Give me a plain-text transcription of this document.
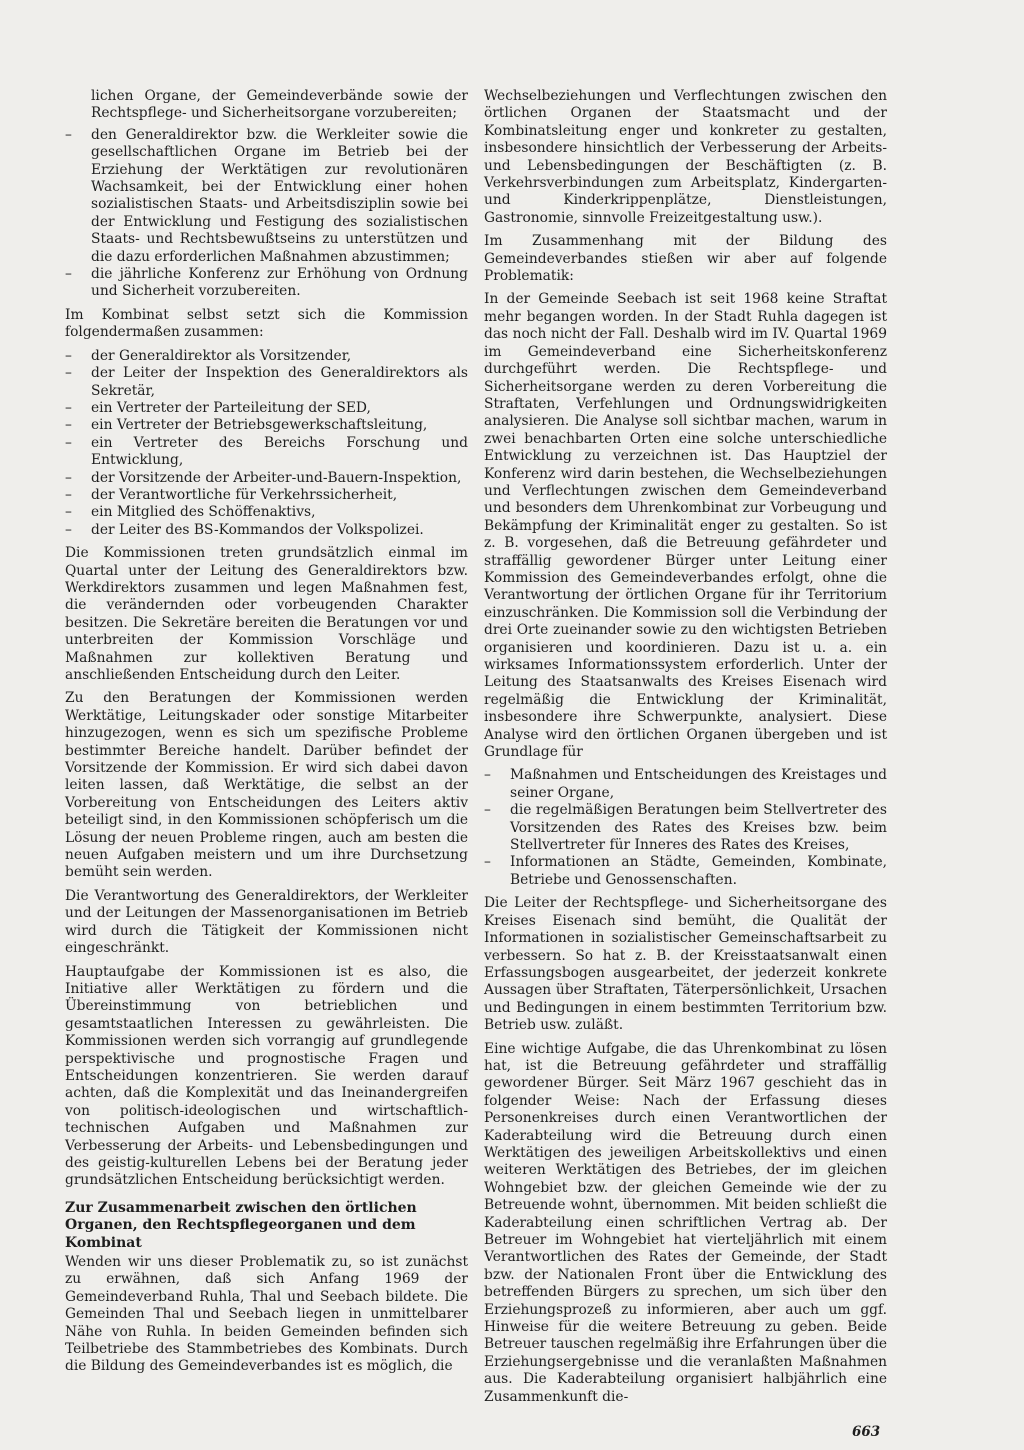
lichen Organe, der Gemeindeverbände sowie der Rechtspflege- und Sicherheitsorgane vorzubereiten;

–	den Generaldirektor bzw. die Werkleiter sowie die gesellschaftlichen Organe im Betrieb bei der Erziehung der Werktätigen zur revolutionären Wachsamkeit, bei der Entwicklung einer hohen sozialistischen Staats- und Arbeitsdisziplin sowie bei der Entwicklung und Festigung des sozialistischen Staats- und Rechtsbewußtseins zu unterstützen und die dazu erforderlichen Maßnahmen abzustimmen;
–	die jährliche Konferenz zur Erhöhung von Ordnung und Sicherheit vorzubereiten.

Im Kombinat selbst setzt sich die Kommission folgendermaßen zusammen:

–	der Generaldirektor als Vorsitzender,
–	der Leiter der Inspektion des Generaldirektors als Sekretär,
–	ein Vertreter der Parteileitung der SED,
–	ein Vertreter der Betriebsgewerkschaftsleitung,
–	ein Vertreter des Bereichs Forschung und Entwicklung,
–	der Vorsitzende der Arbeiter-und-Bauern-Inspektion,
–	der Verantwortliche für Verkehrssicherheit,
–	ein Mitglied des Schöffenaktivs,
–	der Leiter des BS-Kommandos der Volkspolizei.

Die Kommissionen treten grundsätzlich einmal im Quartal unter der Leitung des Generaldirektors bzw. Werkdirektors zusammen und legen Maßnahmen fest, die verändernden oder vorbeugenden Charakter besitzen. Die Sekretäre bereiten die Beratungen vor und unterbreiten der Kommission Vorschläge und Maßnahmen zur kollektiven Beratung und anschließenden Entscheidung durch den Leiter.

Zu den Beratungen der Kommissionen werden Werktätige, Leitungskader oder sonstige Mitarbeiter hinzugezogen, wenn es sich um spezifische Probleme bestimmter Bereiche handelt. Darüber befindet der Vorsitzende der Kommission. Er wird sich dabei davon leiten lassen, daß Werktätige, die selbst an der Vorbereitung von Entscheidungen des Leiters aktiv beteiligt sind, in den Kommissionen schöpferisch um die Lösung der neuen Probleme ringen, auch am besten die neuen Aufgaben meistern und um ihre Durchsetzung bemüht sein werden.

Die Verantwortung des Generaldirektors, der Werkleiter und der Leitungen der Massenorganisationen im Betrieb wird durch die Tätigkeit der Kommissionen nicht eingeschränkt.

Hauptaufgabe der Kommissionen ist es also, die Initiative aller Werktätigen zu fördern und die Übereinstimmung von betrieblichen und gesamtstaatlichen Interessen zu gewährleisten. Die Kommissionen werden sich vorrangig auf grundlegende perspektivische und prognostische Fragen und Entscheidungen konzentrieren. Sie werden darauf achten, daß die Komplexität und das Ineinandergreifen von politisch-ideologischen und wirtschaftlich-technischen Aufgaben und Maßnahmen zur Verbesserung der Arbeits- und Lebensbedingungen und des geistig-kulturellen Lebens bei der Beratung jeder grundsätzlichen Entscheidung berücksichtigt werden.

Zur Zusammenarbeit zwischen den örtlichen Organen, den Rechtspflegeorganen und dem Kombinat

Wenden wir uns dieser Problematik zu, so ist zunächst zu erwähnen, daß sich Anfang 1969 der Gemeindeverband Ruhla, Thal und Seebach bildete. Die Gemeinden Thal und Seebach liegen in unmittelbarer Nähe von Ruhla. In beiden Gemeinden befinden sich Teilbetriebe des Stammbetriebes des Kombinats. Durch die Bildung des Gemeindeverbandes ist es möglich, die

Wechselbeziehungen und Verflechtungen zwischen den örtlichen Organen der Staatsmacht und der Kombinatsleitung enger und konkreter zu gestalten, insbesondere hinsichtlich der Verbesserung der Arbeits- und Lebensbedingungen der Beschäftigten (z. B. Verkehrsverbindungen zum Arbeitsplatz, Kindergarten- und Kinderkrippenplätze, Dienstleistungen, Gastronomie, sinnvolle Freizeitgestaltung usw.).

Im Zusammenhang mit der Bildung des Gemeindeverbandes stießen wir aber auf folgende Problematik:

In der Gemeinde Seebach ist seit 1968 keine Straftat mehr begangen worden. In der Stadt Ruhla dagegen ist das noch nicht der Fall. Deshalb wird im IV. Quartal 1969 im Gemeindeverband eine Sicherheitskonferenz durchgeführt werden. Die Rechtspflege- und Sicherheitsorgane werden zu deren Vorbereitung die Straftaten, Verfehlungen und Ordnungswidrigkeiten analysieren. Die Analyse soll sichtbar machen, warum in zwei benachbarten Orten eine solche unterschiedliche Entwicklung zu verzeichnen ist. Das Hauptziel der Konferenz wird darin bestehen, die Wechselbeziehungen und Verflechtungen zwischen dem Gemeindeverband und besonders dem Uhrenkombinat zur Vorbeugung und Bekämpfung der Kriminalität enger zu gestalten. So ist z. B. vorgesehen, daß die Betreuung gefährdeter und straffällig gewordener Bürger unter Leitung einer Kommission des Gemeindeverbandes erfolgt, ohne die Verantwortung der örtlichen Organe für ihr Territorium einzuschränken. Die Kommission soll die Verbindung der drei Orte zueinander sowie zu den wichtigsten Betrieben organisieren und koordinieren. Dazu ist u. a. ein wirksames Informationssystem erforderlich. Unter der Leitung des Staatsanwalts des Kreises Eisenach wird regelmäßig die Entwicklung der Kriminalität, insbesondere ihre Schwerpunkte, analysiert. Diese Analyse wird den örtlichen Organen übergeben und ist Grundlage für

–	Maßnahmen und Entscheidungen des Kreistages und seiner Organe,
–	die regelmäßigen Beratungen beim Stellvertreter des Vorsitzenden des Rates des Kreises bzw. beim Stellvertreter für Inneres des Rates des Kreises,
–	Informationen an Städte, Gemeinden, Kombinate, Betriebe und Genossenschaften.

Die Leiter der Rechtspflege- und Sicherheitsorgane des Kreises Eisenach sind bemüht, die Qualität der Informationen in sozialistischer Gemeinschaftsarbeit zu verbessern. So hat z. B. der Kreisstaatsanwalt einen Erfassungsbogen ausgearbeitet, der jederzeit konkrete Aussagen über Straftaten, Täterpersönlichkeit, Ursachen und Bedingungen in einem bestimmten Territorium bzw. Betrieb usw. zuläßt.

Eine wichtige Aufgabe, die das Uhrenkombinat zu lösen hat, ist die Betreuung gefährdeter und straffällig gewordener Bürger. Seit März 1967 geschieht das in folgender Weise: Nach der Erfassung dieses Personenkreises durch einen Verantwortlichen der Kaderabteilung wird die Betreuung durch einen Werktätigen des jeweiligen Arbeitskollektivs und einen weiteren Werktätigen des Betriebes, der im gleichen Wohngebiet bzw. der gleichen Gemeinde wie der zu Betreuende wohnt, übernommen. Mit beiden schließt die Kaderabteilung einen schriftlichen Vertrag ab. Der Betreuer im Wohngebiet hat vierteljährlich mit einem Verantwortlichen des Rates der Gemeinde, der Stadt bzw. der Nationalen Front über die Entwicklung des betreffenden Bürgers zu sprechen, um sich über den Erziehungsprozeß zu informieren, aber auch um ggf. Hinweise für die weitere Betreuung zu geben. Beide Betreuer tauschen regelmäßig ihre Erfahrungen über die Erziehungsergebnisse und die veranlaßten Maßnahmen aus. Die Kaderabteilung organisiert halbjährlich eine Zusammenkunft die-

663
